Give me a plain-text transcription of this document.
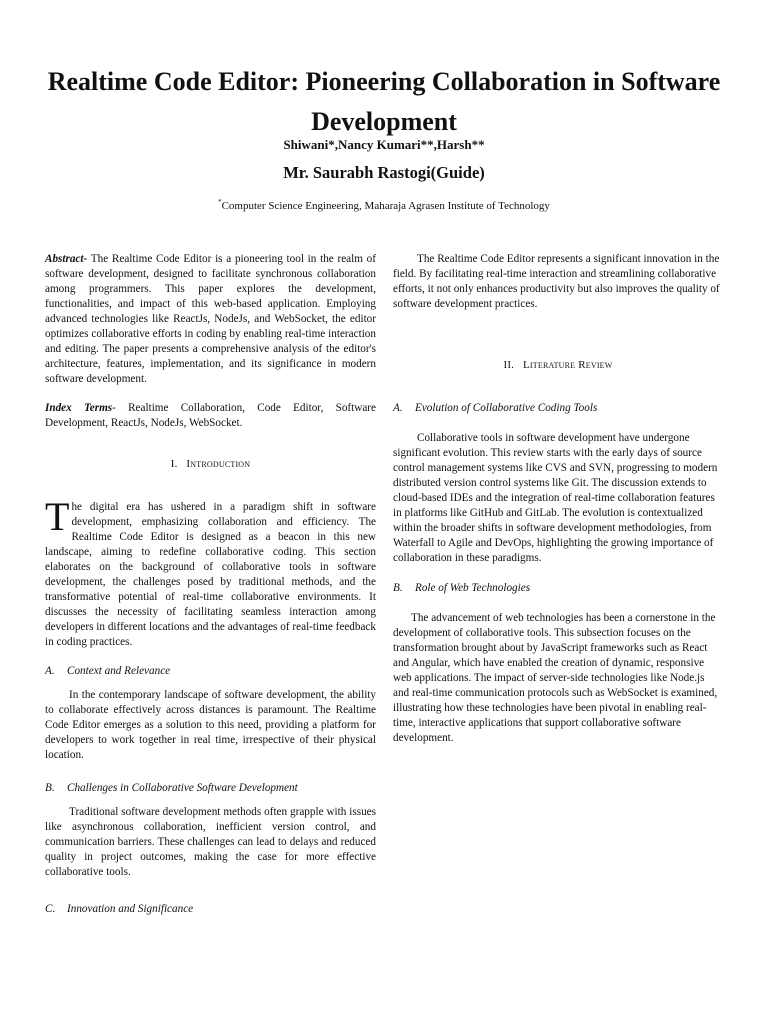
Realtime Code Editor: Pioneering Collaboration in Software Development
Shiwani*,Nancy Kumari**,Harsh**
Mr. Saurabh Rastogi(Guide)
*Computer Science Engineering, Maharaja Agrasen Institute of Technology

Abstract- The Realtime Code Editor is a pioneering tool in the realm of software development, designed to facilitate synchronous collaboration among programmers. This paper explores the development, functionalities, and impact of this web-based application. Employing advanced technologies like ReactJs, NodeJs, and WebSocket, the editor optimizes collaborative efforts in coding by enabling real-time interaction and editing. The paper presents a comprehensive analysis of the editor's architecture, features, implementation, and its significance in modern software development.

Index Terms- Realtime Collaboration, Code Editor, Software Development, ReactJs, NodeJs, WebSocket.

I. Introduction

The digital era has ushered in a paradigm shift in software development, emphasizing collaboration and efficiency. The Realtime Code Editor is designed as a beacon in this new landscape, aiming to redefine collaborative coding. This section elaborates on the background of collaborative tools in software development, the challenges posed by traditional methods, and the transformative potential of real-time collaborative environments. It discusses the necessity of facilitating seamless interaction among developers in different locations and the advantages of real-time feedback in coding practices.

A. Context and Relevance

In the contemporary landscape of software development, the ability to collaborate effectively across distances is paramount. The Realtime Code Editor emerges as a solution to this need, providing a platform for developers to work together in real time, irrespective of their physical location.

B. Challenges in Collaborative Software Development

Traditional software development methods often grapple with issues like asynchronous collaboration, inefficient version control, and communication barriers. These challenges can lead to delays and reduced quality in project outcomes, making the case for more effective collaborative tools.

C. Innovation and Significance

The Realtime Code Editor represents a significant innovation in the field. By facilitating real-time interaction and streamlining collaborative efforts, it not only enhances productivity but also improves the quality of software development practices.

II. Literature Review

A. Evolution of Collaborative Coding Tools

Collaborative tools in software development have undergone significant evolution. This review starts with the early days of source control management systems like CVS and SVN, progressing to modern distributed version control systems like Git. The discussion extends to cloud-based IDEs and the integration of real-time collaboration features in platforms like GitHub and GitLab. The evolution is contextualized within the broader shifts in software development methodologies, from Waterfall to Agile and DevOps, highlighting the growing importance of collaboration in these paradigms.

B. Role of Web Technologies

The advancement of web technologies has been a cornerstone in the development of collaborative tools. This subsection focuses on the transformation brought about by JavaScript frameworks such as React and Angular, which have enabled the creation of dynamic, responsive web applications. The impact of server-side technologies like Node.js and real-time communication protocols such as WebSocket is examined, illustrating how these technologies have been pivotal in enabling real-time, interactive applications that support collaborative software development.
